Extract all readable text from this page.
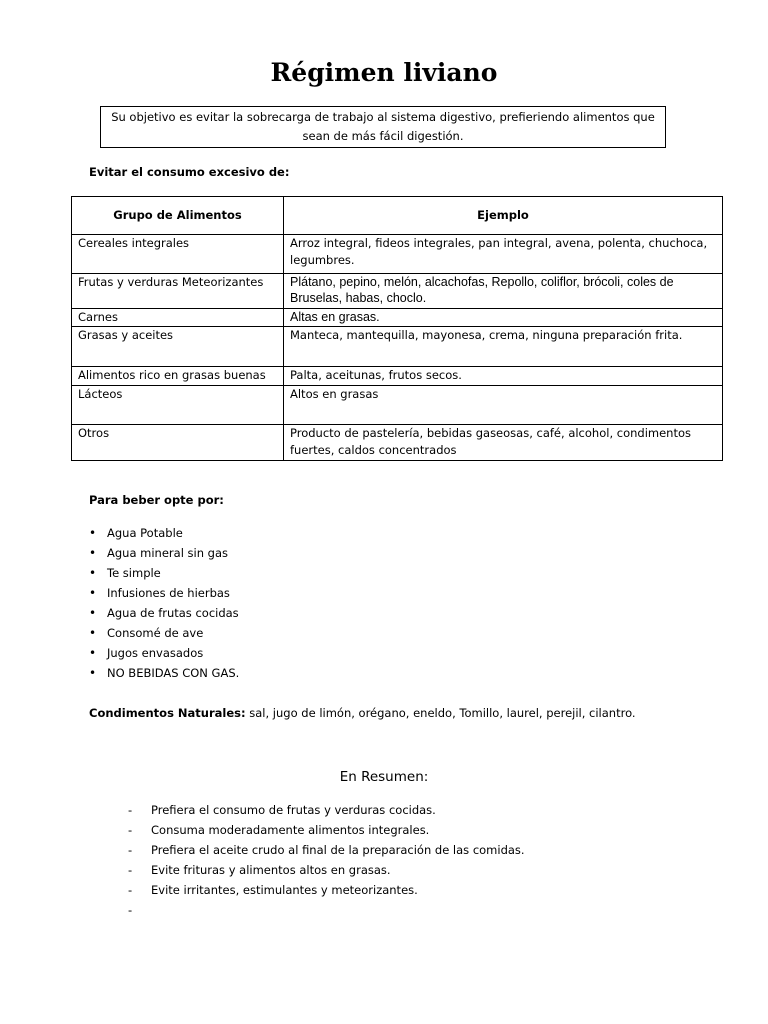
Régimen liviano
Su objetivo es evitar la sobrecarga de trabajo al sistema digestivo, prefieriendo alimentos que sean de más fácil digestión.
Evitar el consumo excesivo de:
Grupo de Alimentos	Ejemplo
Cereales integrales	Arroz integral, fideos integrales, pan integral, avena, polenta, chuchoca, legumbres.
Frutas y verduras Meteorizantes	Plátano, pepino, melón, alcachofas, Repollo, coliflor, brócoli, coles de Bruselas, habas, choclo.
Carnes	Altas en grasas.
Grasas y aceites	Manteca, mantequilla, mayonesa, crema, ninguna preparación frita.
Alimentos rico en grasas buenas	Palta, aceitunas, frutos secos.
Lácteos	Altos en grasas
Otros	Producto de pastelería, bebidas gaseosas, café, alcohol, condimentos fuertes, caldos concentrados
Para beber opte por:
• Agua Potable
• Agua mineral sin gas
• Te simple
• Infusiones de hierbas
• Agua de frutas cocidas
• Consomé de ave
• Jugos envasados
• NO BEBIDAS CON GAS.
Condimentos Naturales: sal, jugo de limón, orégano, eneldo, Tomillo, laurel, perejil, cilantro.
En Resumen:
- Prefiera el consumo de frutas y verduras cocidas.
- Consuma moderadamente alimentos integrales.
- Prefiera el aceite crudo al final de la preparación de las comidas.
- Evite frituras y alimentos altos en grasas.
- Evite irritantes, estimulantes y meteorizantes.
-
